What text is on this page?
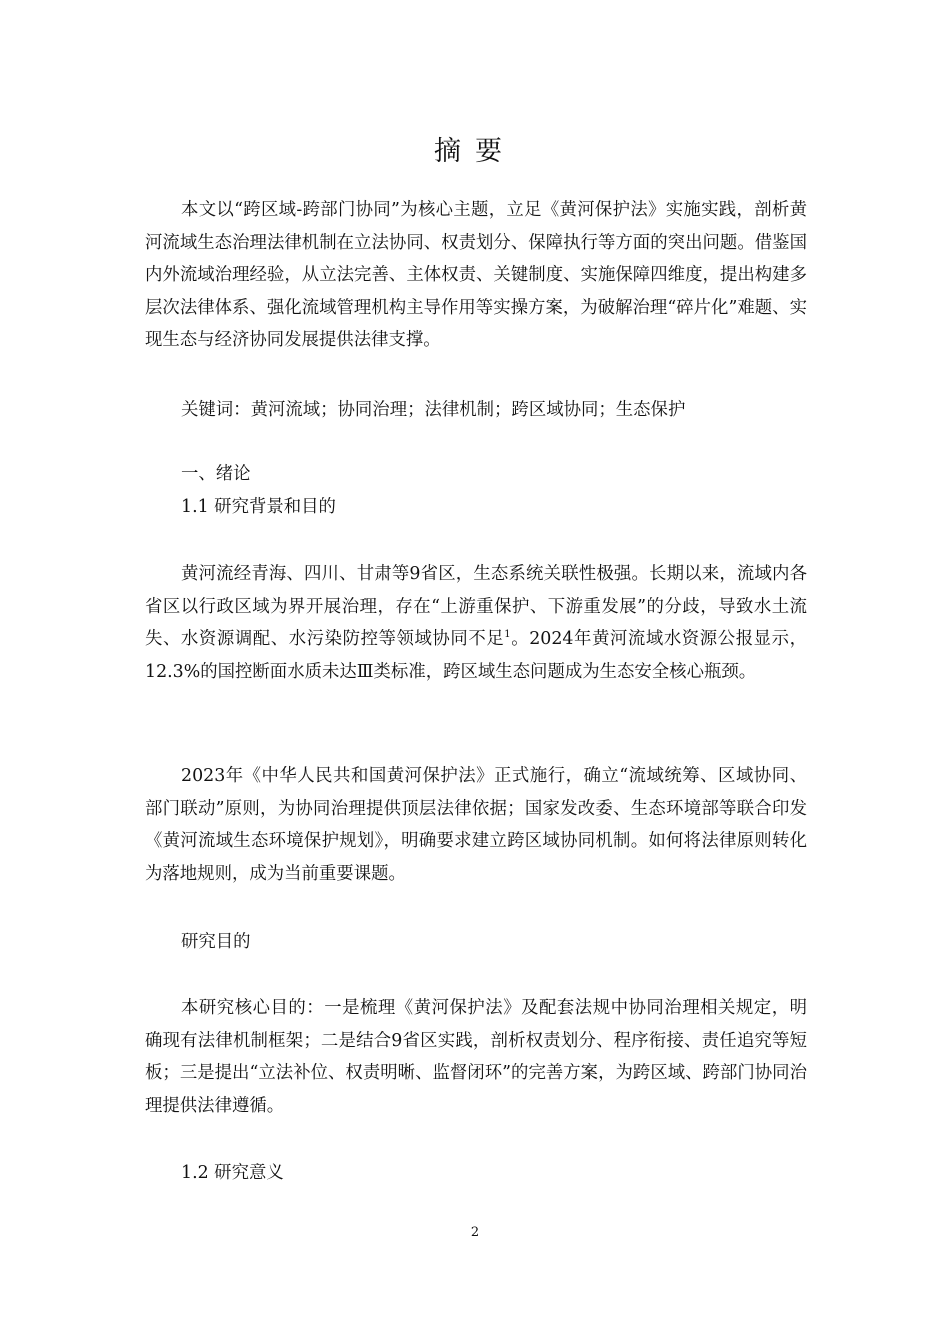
摘要

本文以“跨区域-跨部门协同”为核心主题，立足《黄河保护法》实施实践，剖析黄河流域生态治理法律机制在立法协同、权责划分、保障执行等方面的突出问题。借鉴国内外流域治理经验，从立法完善、主体权责、关键制度、实施保障四维度，提出构建多层次法律体系、强化流域管理机构主导作用等实操方案，为破解治理“碎片化”难题、实现生态与经济协同发展提供法律支撑。

关键词：黄河流域；协同治理；法律机制；跨区域协同；生态保护

一、绪论

1.1 研究背景和目的

黄河流经青海、四川、甘肃等9省区，生态系统关联性极强。长期以来，流域内各省区以行政区域为界开展治理，存在“上游重保护、下游重发展”的分歧，导致水土流失、水资源调配、水污染防控等领域协同不足$^1$。2024年黄河流域水资源公报显示，12.3%的国控断面水质未达Ⅲ类标准，跨区域生态问题成为生态安全核心瓶颈。

2023年《中华人民共和国黄河保护法》正式施行，确立“流域统筹、区域协同、部门联动”原则，为协同治理提供顶层法律依据；国家发改委、生态环境部等联合印发《黄河流域生态环境保护规划》，明确要求建立跨区域协同机制。如何将法律原则转化为落地规则，成为当前重要课题。

研究目的

本研究核心目的：一是梳理《黄河保护法》及配套法规中协同治理相关规定，明确现有法律机制框架；二是结合9省区实践，剖析权责划分、程序衔接、责任追究等短板；三是提出“立法补位、权责明晰、监督闭环”的完善方案，为跨区域、跨部门协同治理提供法律遵循。

1.2 研究意义

2
